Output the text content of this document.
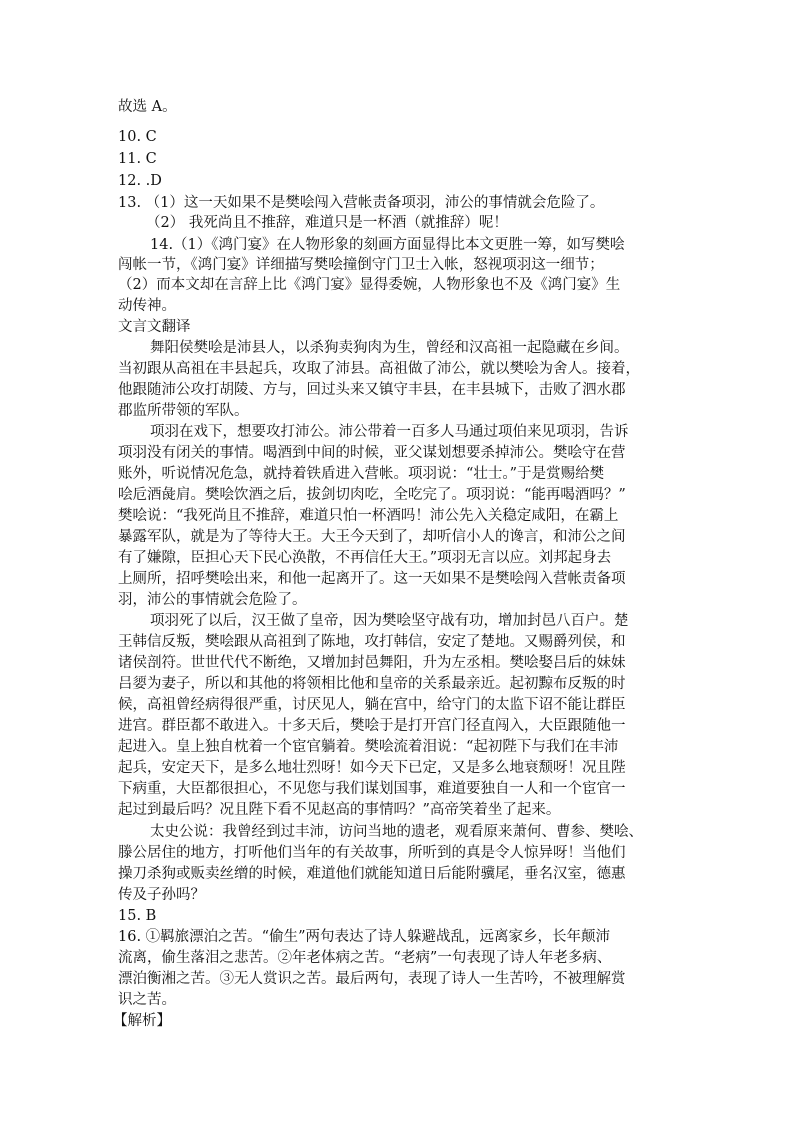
故选 A。
10. C
11. C
12. .D
13. （1）这一天如果不是樊哙闯入营帐责备项羽，沛公的事情就会危险了。
（2） 我死尚且不推辞，难道只是一杯酒（就推辞）呢！
14.（1）《鸿门宴》在人物形象的刻画方面显得比本文更胜一筹，如写樊哙
闯帐一节，《鸿门宴》详细描写樊哙撞倒守门卫士入帐，怒视项羽这一细节；
（2）而本文却在言辞上比《鸿门宴》显得委婉，人物形象也不及《鸿门宴》生
动传神。
文言文翻译
舞阳侯樊哙是沛县人，以杀狗卖狗肉为生，曾经和汉高祖一起隐藏在乡间。
当初跟从高祖在丰县起兵，攻取了沛县。高祖做了沛公，就以樊哙为舍人。接着，
他跟随沛公攻打胡陵、方与，回过头来又镇守丰县，在丰县城下，击败了泗水郡
郡监所带领的军队。
项羽在戏下，想要攻打沛公。沛公带着一百多人马通过项伯来见项羽，告诉
项羽没有闭关的事情。喝酒到中间的时候，亚父谋划想要杀掉沛公。樊哙守在营
账外，听说情况危急，就持着铁盾进入营帐。项羽说：“壮士。”于是赏赐给樊
哙卮酒彘肩。樊哙饮酒之后，拔剑切肉吃，全吃完了。项羽说：“能再喝酒吗？”
樊哙说：“我死尚且不推辞，难道只怕一杯酒吗！沛公先入关稳定咸阳，在霸上
暴露军队，就是为了等待大王。大王今天到了，却听信小人的谗言，和沛公之间
有了嫌隙，臣担心天下民心涣散，不再信任大王。”项羽无言以应。刘邦起身去
上厕所，招呼樊哙出来，和他一起离开了。这一天如果不是樊哙闯入营帐责备项
羽，沛公的事情就会危险了。
项羽死了以后，汉王做了皇帝，因为樊哙坚守战有功，增加封邑八百户。楚
王韩信反叛，樊哙跟从高祖到了陈地，攻打韩信，安定了楚地。又赐爵列侯，和
诸侯剖符。世世代代不断绝，又增加封邑舞阳，升为左丞相。樊哙娶吕后的妹妹
吕媭为妻子，所以和其他的将领相比他和皇帝的关系最亲近。起初黥布反叛的时
候，高祖曾经病得很严重，讨厌见人，躺在宫中，给守门的太监下诏不能让群臣
进宫。群臣都不敢进入。十多天后，樊哙于是打开宫门径直闯入，大臣跟随他一
起进入。皇上独自枕着一个宦官躺着。樊哙流着泪说：“起初陛下与我们在丰沛
起兵，安定天下，是多么地壮烈呀！如今天下已定，又是多么地衰颓呀！况且陛
下病重，大臣都很担心，不见您与我们谋划国事，难道要独自一人和一个宦官一
起过到最后吗？况且陛下看不见赵高的事情吗？”高帝笑着坐了起来。
太史公说：我曾经到过丰沛，访问当地的遗老，观看原来萧何、曹参、樊哙、
滕公居住的地方，打听他们当年的有关故事，所听到的真是令人惊异呀！当他们
操刀杀狗或贩卖丝缯的时候，难道他们就能知道日后能附骥尾，垂名汉室，德惠
传及子孙吗？
15. B
16. ①羁旅漂泊之苦。“偷生”两句表达了诗人躲避战乱，远离家乡，长年颠沛
流离，偷生落泪之悲苦。②年老体病之苦。“老病”一句表现了诗人年老多病、
漂泊衡湘之苦。③无人赏识之苦。最后两句，表现了诗人一生苦吟，不被理解赏
识之苦。
【解析】
